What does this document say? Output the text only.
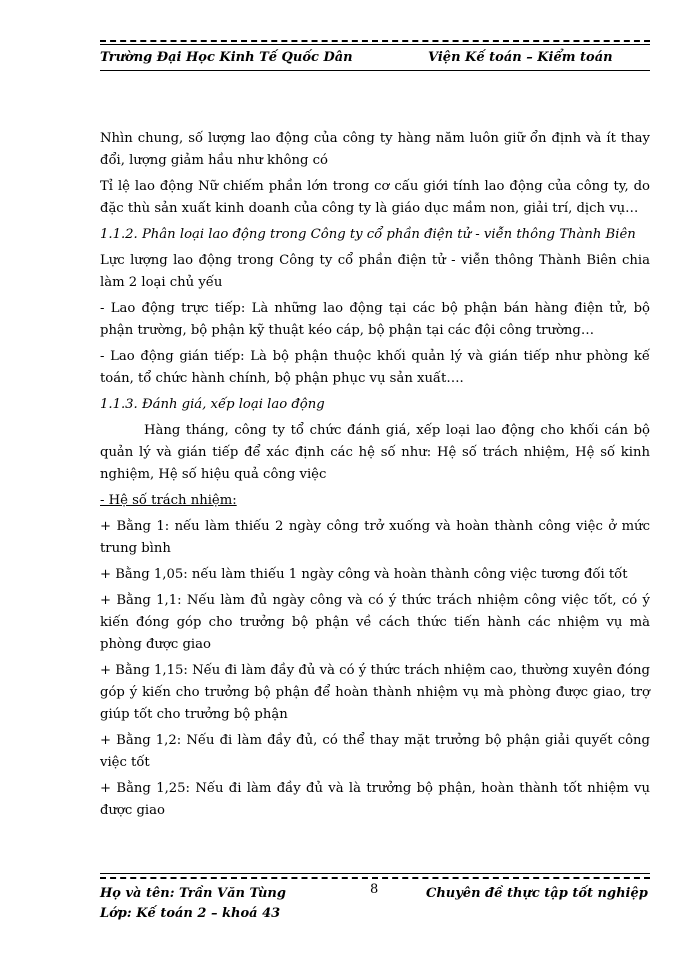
Trường Đại Học Kinh Tế Quốc Dân	Viện Kế toán – Kiểm toán

Nhìn chung, số lượng lao động của công ty hàng năm luôn giữ ổn định và ít thay đổi, lượng giảm hầu như không có

Tỉ lệ lao động Nữ chiếm phần lớn trong cơ cấu giới tính lao động của công ty, do đặc thù sản xuất kinh doanh của công ty là giáo dục mầm non, giải trí, dịch vụ…

1.1.2. Phân loại lao động trong Công ty cổ phần điện tử - viễn thông Thành Biên

Lực lượng lao động trong Công ty cổ phần điện tử - viễn thông Thành Biên chia làm 2 loại chủ yếu

- Lao động trực tiếp: Là những lao động tại các bộ phận bán hàng điện tử, bộ phận trường, bộ phận kỹ thuật kéo cáp, bộ phận tại các đội công trường…

- Lao động gián tiếp: Là bộ phận thuộc khối quản lý và gián tiếp như phòng kế toán, tổ chức hành chính, bộ phận phục vụ sản xuất….

1.1.3. Đánh giá, xếp loại lao động

Hàng tháng, công ty tổ chức đánh giá, xếp loại lao động cho khối cán bộ quản lý và gián tiếp để xác định các hệ số như: Hệ số trách nhiệm, Hệ số kinh nghiệm, Hệ số hiệu quả công việc

- Hệ số trách nhiệm:

+ Bằng 1: nếu làm thiếu 2 ngày công trở xuống và hoàn thành công việc ở mức trung bình

+ Bằng 1,05: nếu làm thiếu 1 ngày công và hoàn thành công việc tương đối tốt

+ Bằng 1,1: Nếu làm đủ ngày công và có ý thức trách nhiệm công việc tốt, có ý kiến đóng góp cho trưởng bộ phận về cách thức tiến hành các nhiệm vụ mà phòng được giao

+ Bằng 1,15: Nếu đi làm đầy đủ và có ý thức trách nhiệm cao, thường xuyên đóng góp ý kiến cho trưởng bộ phận để hoàn thành nhiệm vụ mà phòng được giao, trợ giúp tốt cho trưởng bộ phận

+ Bằng 1,2: Nếu đi làm đầy đủ, có thể thay mặt trưởng bộ phận giải quyết công việc tốt

+ Bằng 1,25: Nếu đi làm đầy đủ và là trưởng bộ phận, hoàn thành tốt nhiệm vụ được giao

Họ và tên: Trần Văn Tùng
Lớp: Kế toán 2 – khoá 43
8	Chuyên đề thực tập tốt nghiệp
